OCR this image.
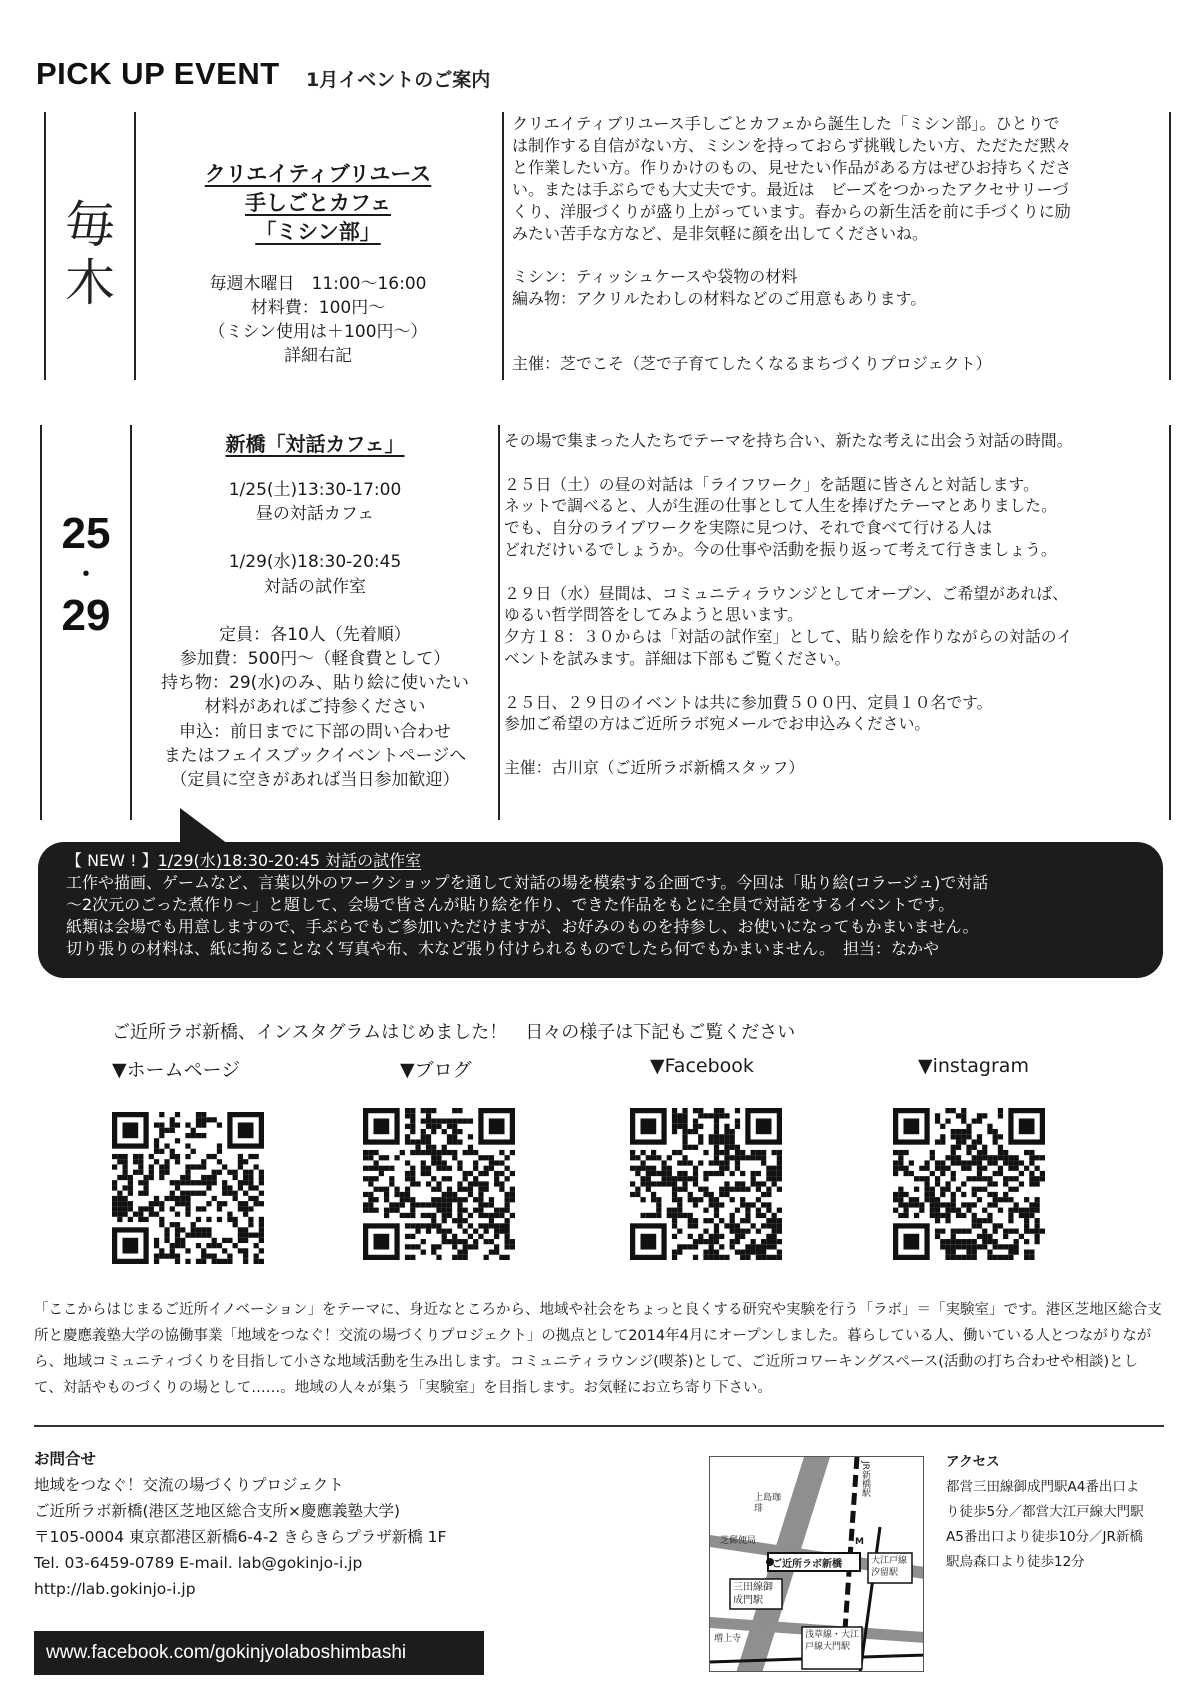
PICK UP EVENT 1月イベントのご案内
毎
木
クリエイティブリユース
手しごとカフェ
「ミシン部」
毎週木曜日　11:00～16:00
材料費：100円～
（ミシン使用は＋100円～）
詳細右記
クリエイティブリユース手しごとカフェから誕生した「ミシン部」。ひとりで
は制作する自信がない方、ミシンを持っておらず挑戦したい方、ただただ黙々
と作業したい方。作りかけのもの、見せたい作品がある方はぜひお持ちくださ
い。または手ぶらでも大丈夫です。最近は　ビーズをつかったアクセサリーづ
くり、洋服づくりが盛り上がっています。春からの新生活を前に手づくりに励
みたい苦手な方など、是非気軽に顔を出してくださいね。
ミシン：ティッシュケースや袋物の材料
編み物：アクリルたわしの材料などのご用意もあります。
主催：芝でこそ（芝で子育てしたくなるまちづくりプロジェクト）
25
・
29
新橋「対話カフェ」
1/25(土)13:30-17:00
昼の対話カフェ
1/29(水)18:30-20:45
対話の試作室
定員：各10人（先着順）
参加費：500円～（軽食費として）
持ち物：29(水)のみ、貼り絵に使いたい
材料があればご持参ください
申込：前日までに下部の問い合わせ
またはフェイスブックイベントページへ
（定員に空きがあれば当日参加歓迎）
その場で集まった人たちでテーマを持ち合い、新たな考えに出会う対話の時間。

２５日（土）の昼の対話は「ライフワーク」を話題に皆さんと対話します。
ネットで調べると、人が生涯の仕事として人生を捧げたテーマとありました。
でも、自分のライブワークを実際に見つけ、それで食べて行ける人は
どれだけいるでしょうか。今の仕事や活動を振り返って考えて行きましょう。

２９日（水）昼間は、コミュニティラウンジとしてオープン、ご希望があれば、
ゆるい哲学問答をしてみようと思います。
夕方１８：３０からは「対話の試作室」として、貼り絵を作りながらの対話のイ
ベントを試みます。詳細は下部もご覧ください。

２５日、２９日のイベントは共に参加費５００円、定員１０名です。
参加ご希望の方はご近所ラボ宛メールでお申込みください。

主催：古川京（ご近所ラボ新橋スタッフ）
【 NEW ! 】1/29(水)18:30-20:45 対話の試作室
工作や描画、ゲームなど、言葉以外のワークショップを通して対話の場を模索する企画です。今回は「貼り絵(コラージュ)で対話
～2次元のごった煮作り～」と題して、会場で皆さんが貼り絵を作り、できた作品をもとに全員で対話をするイベントです。
紙類は会場でも用意しますので、手ぶらでもご参加いただけますが、お好みのものを持参し、お使いになってもかまいません。
切り張りの材料は、紙に拘ることなく写真や布、木など張り付けられるものでしたら何でもかまいません。　担当：なかや
ご近所ラボ新橋、インスタグラムはじめました！　日々の様子は下記もご覧ください
▼ホームページ	▼ブログ	▼Facebook	▼instagram
「ここからはじまるご近所イノベーション」をテーマに、身近なところから、地域や社会をちょっと良くする研究や実験を行う「ラボ」＝「実験室」です。港区芝地区総合支所と慶應義塾大学の協働事業「地域をつなぐ！交流の場づくりプロジェクト」の拠点として2014年4月にオープンしました。暮らしている人、働いている人とつながりながら、地域コミュニティづくりを目指して小さな地域活動を生み出します。コミュニティラウンジ(喫茶)として、ご近所コワーキングスペース(活動の打ち合わせや相談)として、対話やものづくりの場として……。地域の人々が集う「実験室」を目指します。お気軽にお立ち寄り下さい。
お問合せ
地域をつなぐ！交流の場づくりプロジェクト
ご近所ラボ新橋(港区芝地区総合支所×慶應義塾大学)
〒105-0004 東京都港区新橋6-4-2 きらきらプラザ新橋 1F
Tel. 03-6459-0789 E-mail. lab@gokinjo-i.jp
http://lab.gokinjo-i.jp
www.facebook.com/gokinjyolaboshimbashi
JR新橋駅
上島珈琲
芝郵便局
ご近所ラボ新橋	大江戸線汐留駅
三田線御成門駅
増上寺	浅草線・大江戸線大門駅
M
アクセス
都営三田線御成門駅A4番出口よ
り徒歩5分／都営大江戸線大門駅
A5番出口より徒歩10分／JR新橋
駅烏森口より徒歩12分
